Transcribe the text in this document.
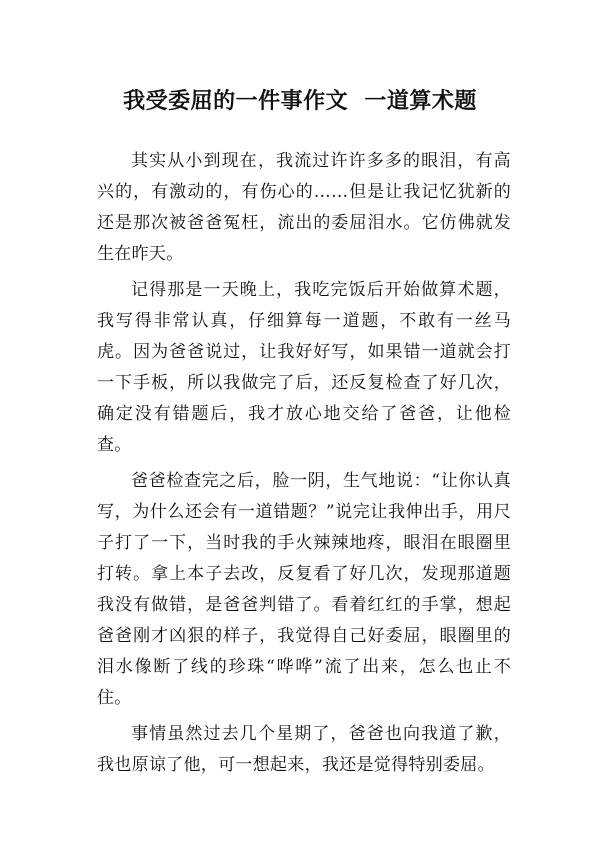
我受委屈的一件事作文  一道算术题

其实从小到现在，我流过许许多多的眼泪，有高兴的，有激动的，有伤心的……但是让我记忆犹新的还是那次被爸爸冤枉，流出的委屈泪水。它仿佛就发生在昨天。

记得那是一天晚上，我吃完饭后开始做算术题，我写得非常认真，仔细算每一道题，不敢有一丝马虎。因为爸爸说过，让我好好写，如果错一道就会打一下手板，所以我做完了后，还反复检查了好几次，确定没有错题后，我才放心地交给了爸爸，让他检查。

爸爸检查完之后，脸一阴，生气地说：“让你认真写，为什么还会有一道错题？”说完让我伸出手，用尺子打了一下，当时我的手火辣辣地疼，眼泪在眼圈里打转。拿上本子去改，反复看了好几次，发现那道题我没有做错，是爸爸判错了。看着红红的手掌，想起爸爸刚才凶狠的样子，我觉得自己好委屈，眼圈里的泪水像断了线的珍珠“哗哗”流了出来，怎么也止不住。

事情虽然过去几个星期了，爸爸也向我道了歉，我也原谅了他，可一想起来，我还是觉得特别委屈。
